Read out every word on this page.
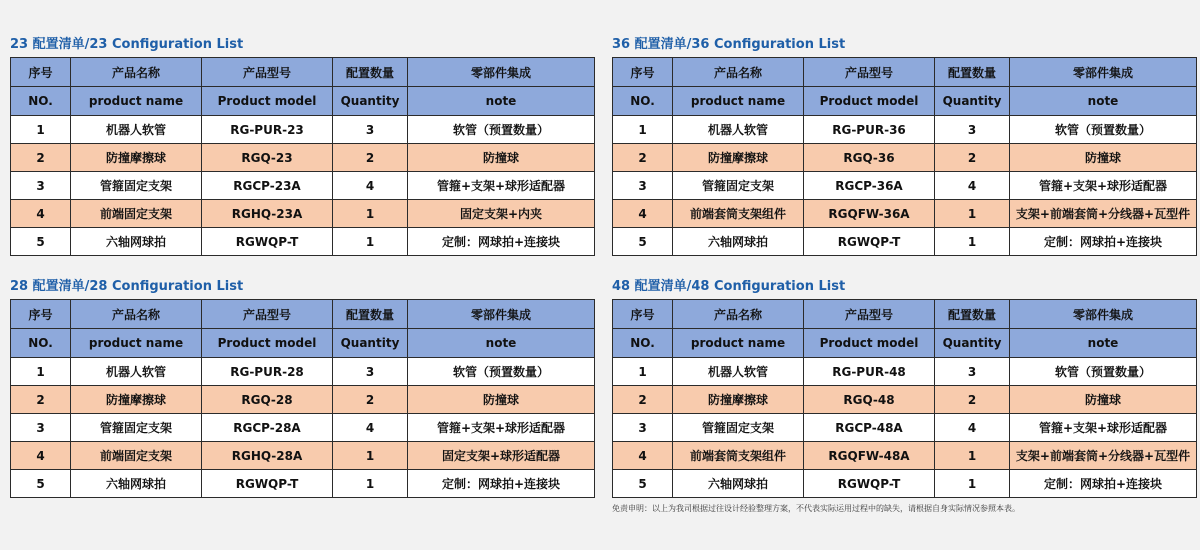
23 配置清单/23 Configuration List
序号	产品名称	产品型号	配置数量	零部件集成
NO.	product name	Product model	Quantity	note
1	机器人软管	RG-PUR-23	3	软管（预置数量）
2	防撞摩擦球	RGQ-23	2	防撞球
3	管箍固定支架	RGCP-23A	4	管箍+支架+球形适配器
4	前端固定支架	RGHQ-23A	1	固定支架+内夹
5	六轴网球拍	RGWQP-T	1	定制：网球拍+连接块
36 配置清单/36 Configuration List
序号	产品名称	产品型号	配置数量	零部件集成
NO.	product name	Product model	Quantity	note
1	机器人软管	RG-PUR-36	3	软管（预置数量）
2	防撞摩擦球	RGQ-36	2	防撞球
3	管箍固定支架	RGCP-36A	4	管箍+支架+球形适配器
4	前端套筒支架组件	RGQFW-36A	1	支架+前端套筒+分线器+瓦型件
5	六轴网球拍	RGWQP-T	1	定制：网球拍+连接块
28 配置清单/28 Configuration List
序号	产品名称	产品型号	配置数量	零部件集成
NO.	product name	Product model	Quantity	note
1	机器人软管	RG-PUR-28	3	软管（预置数量）
2	防撞摩擦球	RGQ-28	2	防撞球
3	管箍固定支架	RGCP-28A	4	管箍+支架+球形适配器
4	前端固定支架	RGHQ-28A	1	固定支架+球形适配器
5	六轴网球拍	RGWQP-T	1	定制：网球拍+连接块
48 配置清单/48 Configuration List
序号	产品名称	产品型号	配置数量	零部件集成
NO.	product name	Product model	Quantity	note
1	机器人软管	RG-PUR-48	3	软管（预置数量）
2	防撞摩擦球	RGQ-48	2	防撞球
3	管箍固定支架	RGCP-48A	4	管箍+支架+球形适配器
4	前端套筒支架组件	RGQFW-48A	1	支架+前端套筒+分线器+瓦型件
5	六轴网球拍	RGWQP-T	1	定制：网球拍+连接块
免责申明：以上为我司根据过往设计经验整理方案，不代表实际运用过程中的缺失，请根据自身实际情况参照本表。
